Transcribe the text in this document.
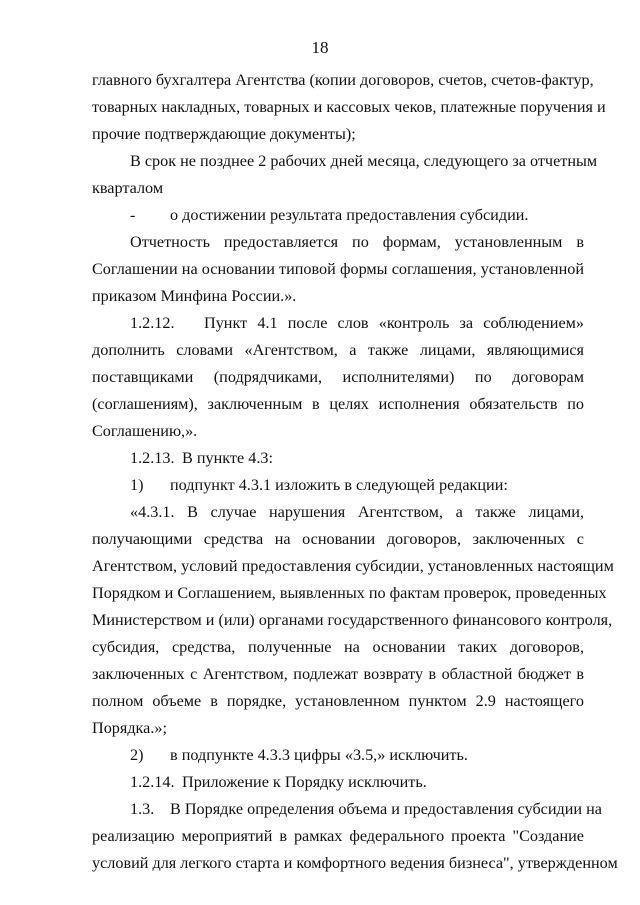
18
главного бухгалтера Агентства (копии договоров, счетов, счетов-фактур,
товарных накладных, товарных и кассовых чеков, платежные поручения и
прочие подтверждающие документы);
В срок не позднее 2 рабочих дней месяца, следующего за отчетным
кварталом
- о достижении результата предоставления субсидии.
Отчетность предоставляется по формам, установленным в
Соглашении на основании типовой формы соглашения, установленной
приказом Минфина России.».
1.2.12.	Пункт 4.1 после слов «контроль за соблюдением»
дополнить словами «Агентством, а также лицами, являющимися
поставщиками (подрядчиками, исполнителями) по договорам
(соглашениям), заключенным в целях исполнения обязательств по
Соглашению,».
1.2.13. В пункте 4.3:
1) подпункт 4.3.1 изложить в следующей редакции:
«4.3.1. В случае нарушения Агентством, а также лицами,
получающими средства на основании договоров, заключенных с
Агентством, условий предоставления субсидии, установленных настоящим
Порядком и Соглашением, выявленных по фактам проверок, проведенных
Министерством и (или) органами государственного финансового контроля,
субсидия, средства, полученные на основании таких договоров,
заключенных с Агентством, подлежат возврату в областной бюджет в
полном объеме в порядке, установленном пунктом 2.9 настоящего
Порядка.»;
2) в подпункте 4.3.3 цифры «3.5,» исключить.
1.2.14. Приложение к Порядку исключить.
1.3. В Порядке определения объема и предоставления субсидии на
реализацию мероприятий в рамках федерального проекта "Создание
условий для легкого старта и комфортного ведения бизнеса", утвержденном
